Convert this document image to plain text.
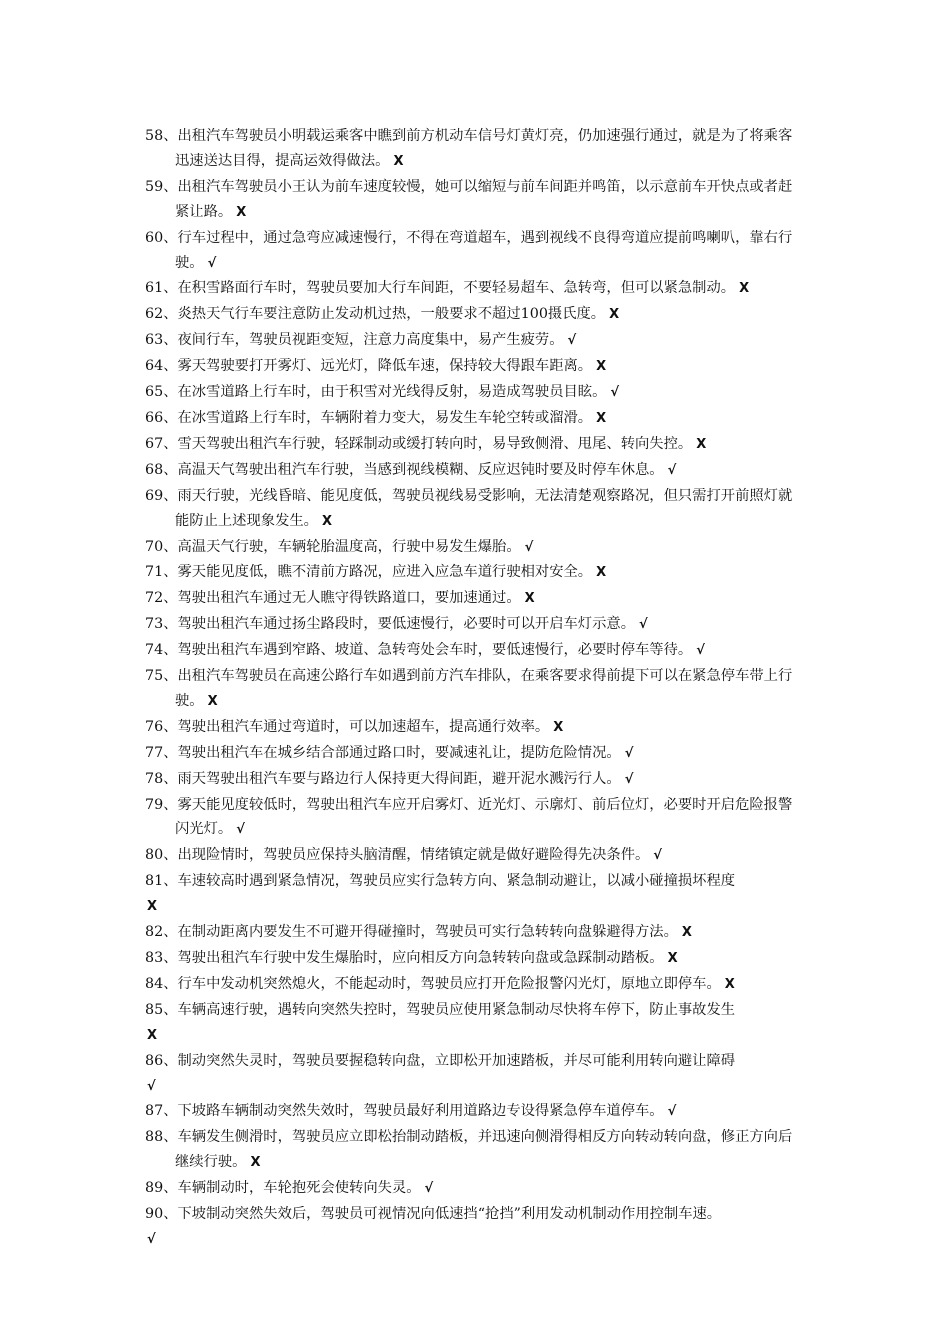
58、出租汽车驾驶员小明载运乘客中瞧到前方机动车信号灯黄灯亮，仍加速强行通过，就是为了将乘客迅速送达目得，提高运效得做法。 X

59、出租汽车驾驶员小王认为前车速度较慢，她可以缩短与前车间距并鸣笛，以示意前车开快点或者赶紧让路。 X

60、行车过程中，通过急弯应减速慢行，不得在弯道超车，遇到视线不良得弯道应提前鸣喇叭，靠右行驶。 √

61、在积雪路面行车时，驾驶员要加大行车间距，不要轻易超车、急转弯，但可以紧急制动。 X

62、炎热天气行车要注意防止发动机过热，一般要求不超过100摄氏度。 X

63、夜间行车，驾驶员视距变短，注意力高度集中，易产生疲劳。 √

64、雾天驾驶要打开雾灯、远光灯，降低车速，保持较大得跟车距离。 X

65、在冰雪道路上行车时，由于积雪对光线得反射，易造成驾驶员目眩。 √

66、在冰雪道路上行车时，车辆附着力变大，易发生车轮空转或溜滑。 X

67、雪天驾驶出租汽车行驶，轻踩制动或缓打转向时，易导致侧滑、甩尾、转向失控。 X

68、高温天气驾驶出租汽车行驶，当感到视线模糊、反应迟钝时要及时停车休息。 √

69、雨天行驶，光线昏暗、能见度低，驾驶员视线易受影响，无法清楚观察路况，但只需打开前照灯就能防止上述现象发生。 X

70、高温天气行驶，车辆轮胎温度高，行驶中易发生爆胎。 √

71、雾天能见度低，瞧不清前方路况，应进入应急车道行驶相对安全。 X

72、驾驶出租汽车通过无人瞧守得铁路道口，要加速通过。 X

73、驾驶出租汽车通过扬尘路段时，要低速慢行，必要时可以开启车灯示意。 √

74、驾驶出租汽车遇到窄路、坡道、急转弯处会车时，要低速慢行，必要时停车等待。 √

75、出租汽车驾驶员在高速公路行车如遇到前方汽车排队，在乘客要求得前提下可以在紧急停车带上行驶。 X

76、驾驶出租汽车通过弯道时，可以加速超车，提高通行效率。 X

77、驾驶出租汽车在城乡结合部通过路口时，要减速礼让，提防危险情况。 √

78、雨天驾驶出租汽车要与路边行人保持更大得间距，避开泥水溅污行人。 √

79、雾天能见度较低时，驾驶出租汽车应开启雾灯、近光灯、示廓灯、前后位灯，必要时开启危险报警闪光灯。 √

80、出现险情时，驾驶员应保持头脑清醒，情绪镇定就是做好避险得先决条件。 √

81、车速较高时遇到紧急情况，驾驶员应实行急转方向、紧急制动避让，以减小碰撞损坏程度
X

82、在制动距离内要发生不可避开得碰撞时，驾驶员可实行急转转向盘躲避得方法。 X

83、驾驶出租汽车行驶中发生爆胎时，应向相反方向急转转向盘或急踩制动踏板。 X

84、行车中发动机突然熄火，不能起动时，驾驶员应打开危险报警闪光灯，原地立即停车。 X

85、车辆高速行驶，遇转向突然失控时，驾驶员应使用紧急制动尽快将车停下，防止事故发生
X

86、制动突然失灵时，驾驶员要握稳转向盘，立即松开加速踏板，并尽可能利用转向避让障碍
√

87、下坡路车辆制动突然失效时，驾驶员最好利用道路边专设得紧急停车道停车。 √

88、车辆发生侧滑时，驾驶员应立即松抬制动踏板，并迅速向侧滑得相反方向转动转向盘，修正方向后继续行驶。 X

89、车辆制动时，车轮抱死会使转向失灵。 √

90、下坡制动突然失效后，驾驶员可视情况向低速挡“抢挡”利用发动机制动作用控制车速。
√
